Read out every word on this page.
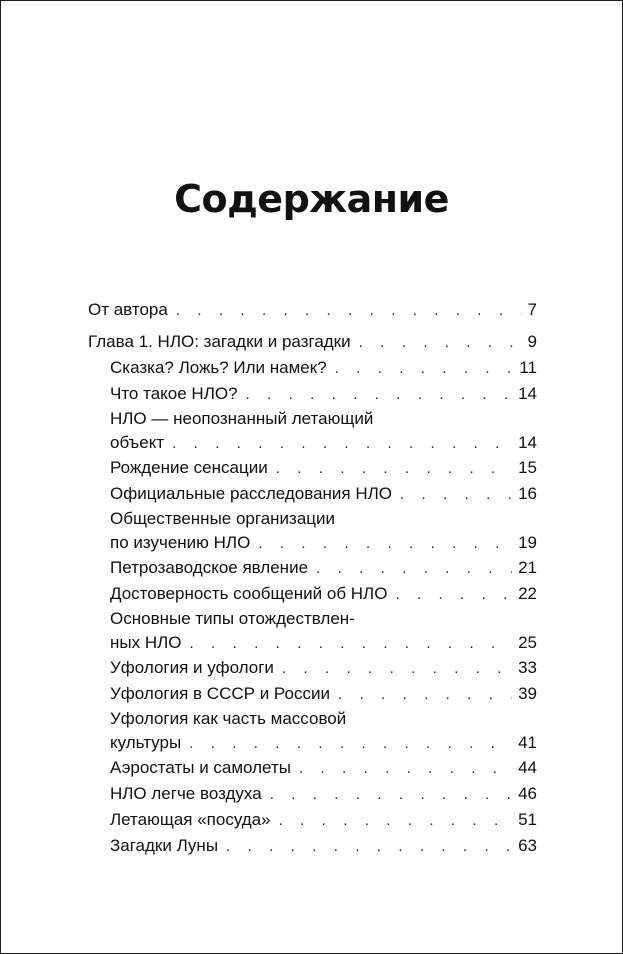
Содержание
От автора . . .	7
Глава 1. НЛО: загадки и разгадки . . .	9
Сказка? Ложь? Или намек? . . .	11
Что такое НЛО? . . .	14
НЛО — неопознанный летающий
объект . . .	14
Рождение сенсации . . .	15
Официальные расследования НЛО . . .	16
Общественные организации
по изучению НЛО . . .	19
Петрозаводское явление . . .	21
Достоверность сообщений об НЛО . . .	22
Основные типы отождествлен-
ных НЛО . . .	25
Уфология и уфологи . . .	33
Уфология в СССР и России . . .	39
Уфология как часть массовой
культуры . . .	41
Аэростаты и самолеты . . .	44
НЛО легче воздуха . . .	46
Летающая «посуда» . . .	51
Загадки Луны . . .	63
